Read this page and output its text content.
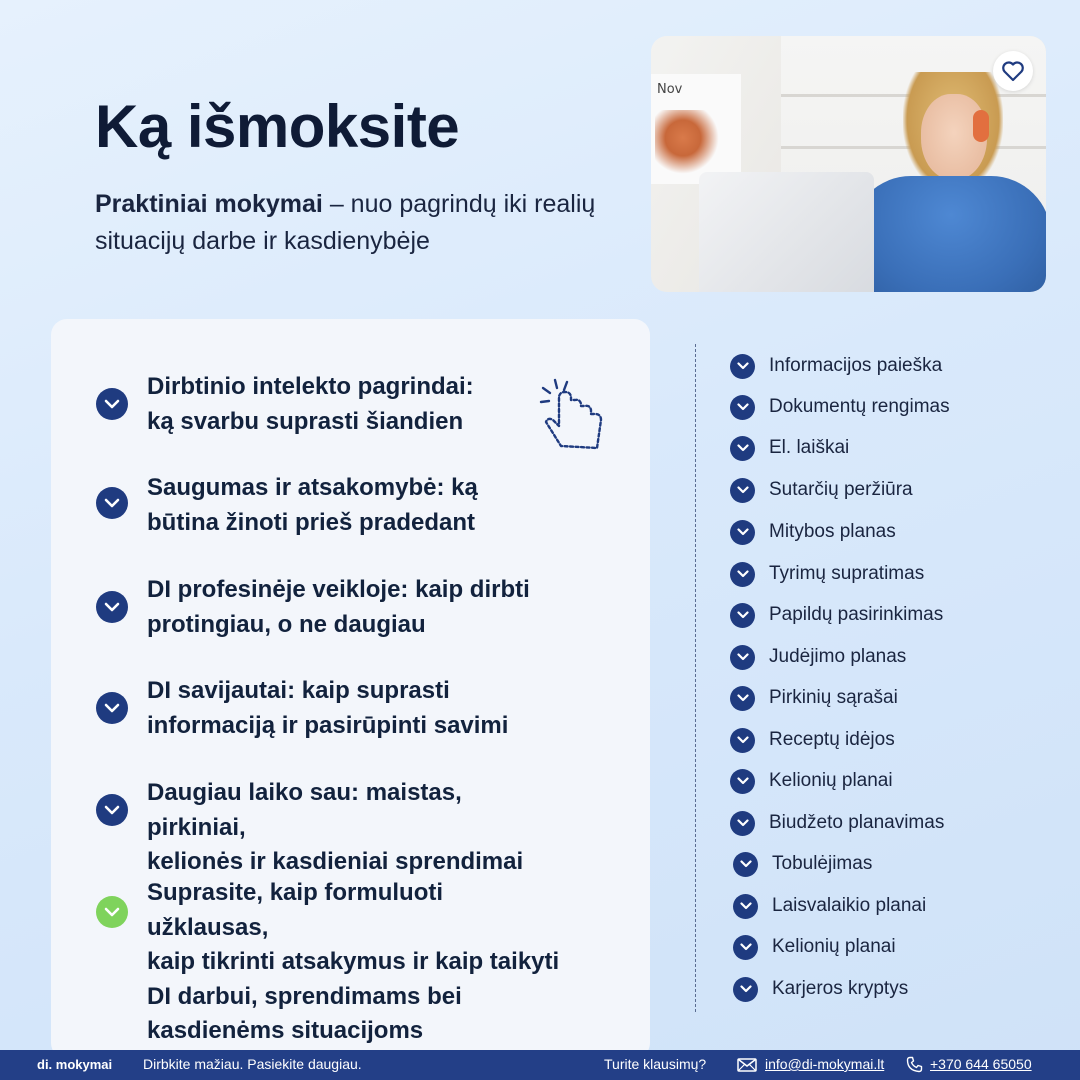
Ką išmoksite
Praktiniai mokymai – nuo pagrindų iki realių situacijų darbe ir kasdienybėje
Nov
Dirbtinio intelekto pagrindai:
ką svarbu suprasti šiandien
Saugumas ir atsakomybė: ką
būtina žinoti prieš pradedant
DI profesinėje veikloje: kaip dirbti
protingiau, o ne daugiau
DI savijautai: kaip suprasti
informaciją ir pasirūpinti savimi
Daugiau laiko sau: maistas, pirkiniai,
kelionės ir kasdieniai sprendimai
Suprasite, kaip formuluoti užklausas,
kaip tikrinti atsakymus ir kaip taikyti
DI darbui, sprendimams bei
kasdienėms situacijoms
Informacijos paieška
Dokumentų rengimas
El. laiškai
Sutarčių peržiūra
Mitybos planas
Tyrimų supratimas
Papildų pasirinkimas
Judėjimo planas
Pirkinių sąrašai
Receptų idėjos
Kelionių planai
Biudžeto planavimas
Tobulėjimas
Laisvalaikio planai
Kelionių planai
Karjeros kryptys
di. mokymai Dirbkite mažiau. Pasiekite daugiau.	Turite klausimų?	info@di-mokymai.lt	+370 644 65050
